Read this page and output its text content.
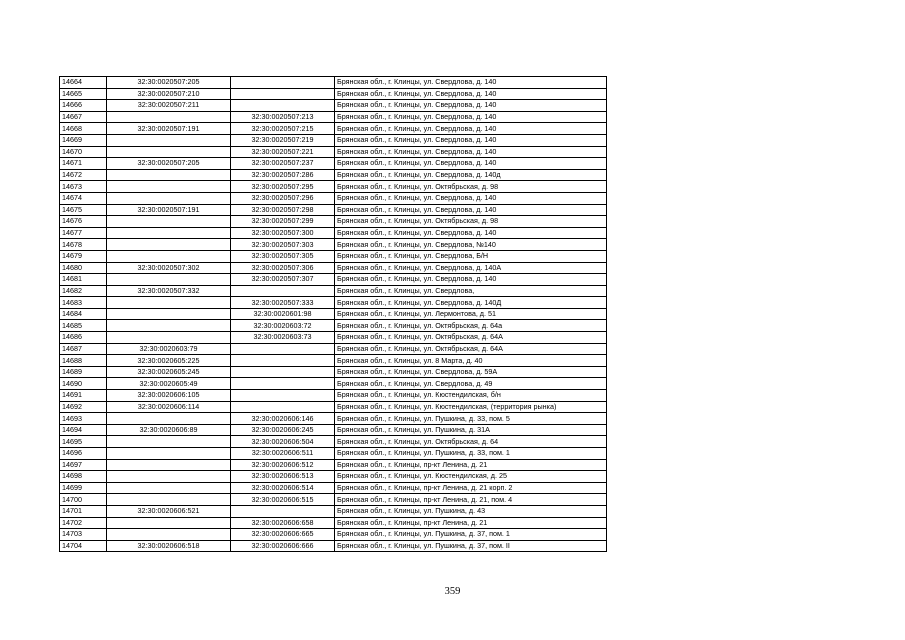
14664	32:30:0020507:205		Брянская обл., г. Клинцы, ул. Свердлова, д. 140
14665	32:30:0020507:210		Брянская обл., г. Клинцы, ул. Свердлова, д. 140
14666	32:30:0020507:211		Брянская обл., г. Клинцы, ул. Свердлова, д. 140
14667		32:30:0020507:213	Брянская обл., г. Клинцы, ул. Свердлова, д. 140
14668	32:30:0020507:191	32:30:0020507:215	Брянская обл., г. Клинцы, ул. Свердлова, д. 140
14669		32:30:0020507:219	Брянская обл., г. Клинцы, ул. Свердлова, д. 140
14670		32:30:0020507:221	Брянская обл., г. Клинцы, ул. Свердлова, д. 140
14671	32:30:0020507:205	32:30:0020507:237	Брянская обл., г. Клинцы, ул. Свердлова, д. 140
14672		32:30:0020507:286	Брянская обл., г. Клинцы, ул. Свердлова, д. 140д
14673		32:30:0020507:295	Брянская обл., г. Клинцы, ул. Октябрьская, д. 98
14674		32:30:0020507:296	Брянская обл., г. Клинцы, ул. Свердлова, д. 140
14675	32:30:0020507:191	32:30:0020507:298	Брянская обл., г. Клинцы, ул. Свердлова, д. 140
14676		32:30:0020507:299	Брянская обл., г. Клинцы, ул. Октябрьская, д. 98
14677		32:30:0020507:300	Брянская обл., г. Клинцы, ул. Свердлова, д. 140
14678		32:30:0020507:303	Брянская обл., г. Клинцы, ул. Свердлова, №140
14679		32:30:0020507:305	Брянская обл., г. Клинцы, ул. Свердлова, Б/Н
14680	32:30:0020507:302	32:30:0020507:306	Брянская обл., г. Клинцы, ул. Свердлова, д. 140А
14681		32:30:0020507:307	Брянская обл., г. Клинцы, ул. Свердлова, д. 140
14682	32:30:0020507:332		Брянская обл., г. Клинцы, ул. Свердлова,
14683		32:30:0020507:333	Брянская обл., г. Клинцы, ул. Свердлова, д. 140Д
14684		32:30:0020601:98	Брянская обл., г. Клинцы, ул. Лермонтова, д. 51
14685		32:30:0020603:72	Брянская обл., г. Клинцы, ул. Октябрьская, д. 64а
14686		32:30:0020603:73	Брянская обл., г. Клинцы, ул. Октябрьская, д. 64А
14687	32:30:0020603:79		Брянская обл., г. Клинцы, ул. Октябрьская, д. 64А
14688	32:30:0020605:225		Брянская обл., г. Клинцы, ул. 8 Марта, д. 40
14689	32:30:0020605:245		Брянская обл., г. Клинцы, ул. Свердлова, д. 59А
14690	32:30:0020605:49		Брянская обл., г. Клинцы, ул. Свердлова, д. 49
14691	32:30:0020606:105		Брянская обл., г. Клинцы, ул. Кюстендилская, б/н
14692	32:30:0020606:114		Брянская обл., г. Клинцы, ул. Кюстендилская, (территория рынка)
14693		32:30:0020606:146	Брянская обл., г. Клинцы, ул. Пушкина, д. 33, пом. 5
14694	32:30:0020606:89	32:30:0020606:245	Брянская обл., г. Клинцы, ул. Пушкина, д. 31А
14695		32:30:0020606:504	Брянская обл., г. Клинцы, ул. Октябрьская, д. 64
14696		32:30:0020606:511	Брянская обл., г. Клинцы, ул. Пушкина, д. 33, пом. 1
14697		32:30:0020606:512	Брянская обл., г. Клинцы, пр-кт Ленина, д. 21
14698		32:30:0020606:513	Брянская обл., г. Клинцы, ул. Кюстендилская, д. 25
14699		32:30:0020606:514	Брянская обл., г. Клинцы, пр-кт Ленина, д. 21 корп. 2
14700		32:30:0020606:515	Брянская обл., г. Клинцы, пр-кт Ленина, д. 21, пом. 4
14701	32:30:0020606:521		Брянская обл., г. Клинцы, ул. Пушкина, д. 43
14702		32:30:0020606:658	Брянская обл., г. Клинцы, пр-кт Ленина, д. 21
14703		32:30:0020606:665	Брянская обл., г. Клинцы, ул. Пушкина, д. 37, пом. 1
14704	32:30:0020606:518	32:30:0020606:666	Брянская обл., г. Клинцы, ул. Пушкина, д. 37, пом. II
359
